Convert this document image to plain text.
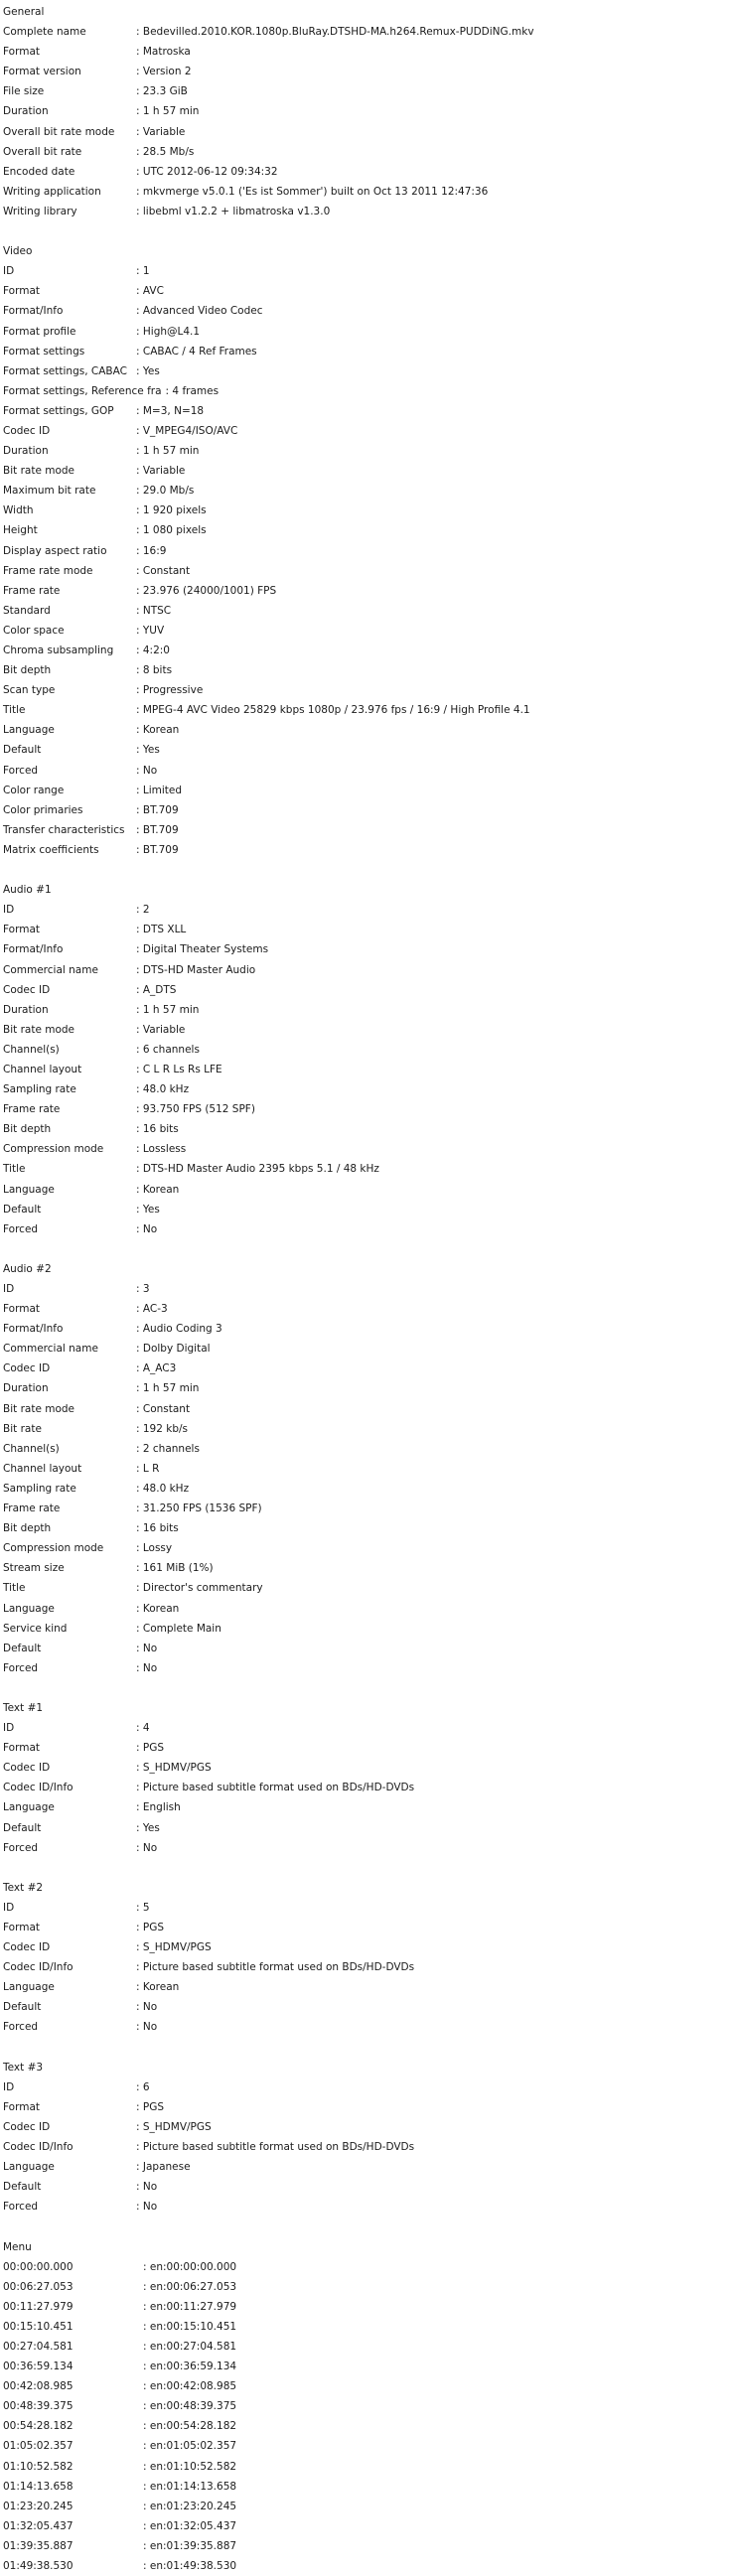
General
Complete name	: Bedevilled.2010.KOR.1080p.BluRay.DTSHD-MA.h264.Remux-PUDDiNG.mkv
Format	: Matroska
Format version	: Version 2
File size	: 23.3 GiB
Duration	: 1 h 57 min
Overall bit rate mode	: Variable
Overall bit rate	: 28.5 Mb/s
Encoded date	: UTC 2012-06-12 09:34:32
Writing application	: mkvmerge v5.0.1 ('Es ist Sommer') built on Oct 13 2011 12:47:36
Writing library	: libebml v1.2.2 + libmatroska v1.3.0
Video
ID	: 1
Format	: AVC
Format/Info	: Advanced Video Codec
Format profile	: High@L4.1
Format settings	: CABAC / 4 Ref Frames
Format settings, CABAC : Yes
Format settings, Reference fra : 4 frames
Format settings, GOP	: M=3, N=18
Codec ID	: V_MPEG4/ISO/AVC
Duration	: 1 h 57 min
Bit rate mode	: Variable
Maximum bit rate	: 29.0 Mb/s
Width	: 1 920 pixels
Height	: 1 080 pixels
Display aspect ratio	: 16:9
Frame rate mode	: Constant
Frame rate	: 23.976 (24000/1001) FPS
Standard	: NTSC
Color space	: YUV
Chroma subsampling	: 4:2:0
Bit depth	: 8 bits
Scan type	: Progressive
Title	: MPEG-4 AVC Video 25829 kbps 1080p / 23.976 fps / 16:9 / High Profile 4.1
Language	: Korean
Default	: Yes
Forced	: No
Color range	: Limited
Color primaries	: BT.709
Transfer characteristics	: BT.709
Matrix coefficients	: BT.709
Audio #1
ID	: 2
Format	: DTS XLL
Format/Info	: Digital Theater Systems
Commercial name	: DTS-HD Master Audio
Codec ID	: A_DTS
Duration	: 1 h 57 min
Bit rate mode	: Variable
Channel(s)	: 6 channels
Channel layout	: C L R Ls Rs LFE
Sampling rate	: 48.0 kHz
Frame rate	: 93.750 FPS (512 SPF)
Bit depth	: 16 bits
Compression mode	: Lossless
Title	: DTS-HD Master Audio 2395 kbps 5.1 / 48 kHz
Language	: Korean
Default	: Yes
Forced	: No
Audio #2
ID	: 3
Format	: AC-3
Format/Info	: Audio Coding 3
Commercial name	: Dolby Digital
Codec ID	: A_AC3
Duration	: 1 h 57 min
Bit rate mode	: Constant
Bit rate	: 192 kb/s
Channel(s)	: 2 channels
Channel layout	: L R
Sampling rate	: 48.0 kHz
Frame rate	: 31.250 FPS (1536 SPF)
Bit depth	: 16 bits
Compression mode	: Lossy
Stream size	: 161 MiB (1%)
Title	: Director's commentary
Language	: Korean
Service kind	: Complete Main
Default	: No
Forced	: No
Text #1
ID	: 4
Format	: PGS
Codec ID	: S_HDMV/PGS
Codec ID/Info	: Picture based subtitle format used on BDs/HD-DVDs
Language	: English
Default	: Yes
Forced	: No
Text #2
ID	: 5
Format	: PGS
Codec ID	: S_HDMV/PGS
Codec ID/Info	: Picture based subtitle format used on BDs/HD-DVDs
Language	: Korean
Default	: No
Forced	: No
Text #3
ID	: 6
Format	: PGS
Codec ID	: S_HDMV/PGS
Codec ID/Info	: Picture based subtitle format used on BDs/HD-DVDs
Language	: Japanese
Default	: No
Forced	: No
Menu
00:00:00.000	: en:00:00:00.000
00:06:27.053	: en:00:06:27.053
00:11:27.979	: en:00:11:27.979
00:15:10.451	: en:00:15:10.451
00:27:04.581	: en:00:27:04.581
00:36:59.134	: en:00:36:59.134
00:42:08.985	: en:00:42:08.985
00:48:39.375	: en:00:48:39.375
00:54:28.182	: en:00:54:28.182
01:05:02.357	: en:01:05:02.357
01:10:52.582	: en:01:10:52.582
01:14:13.658	: en:01:14:13.658
01:23:20.245	: en:01:23:20.245
01:32:05.437	: en:01:32:05.437
01:39:35.887	: en:01:39:35.887
01:49:38.530	: en:01:49:38.530
